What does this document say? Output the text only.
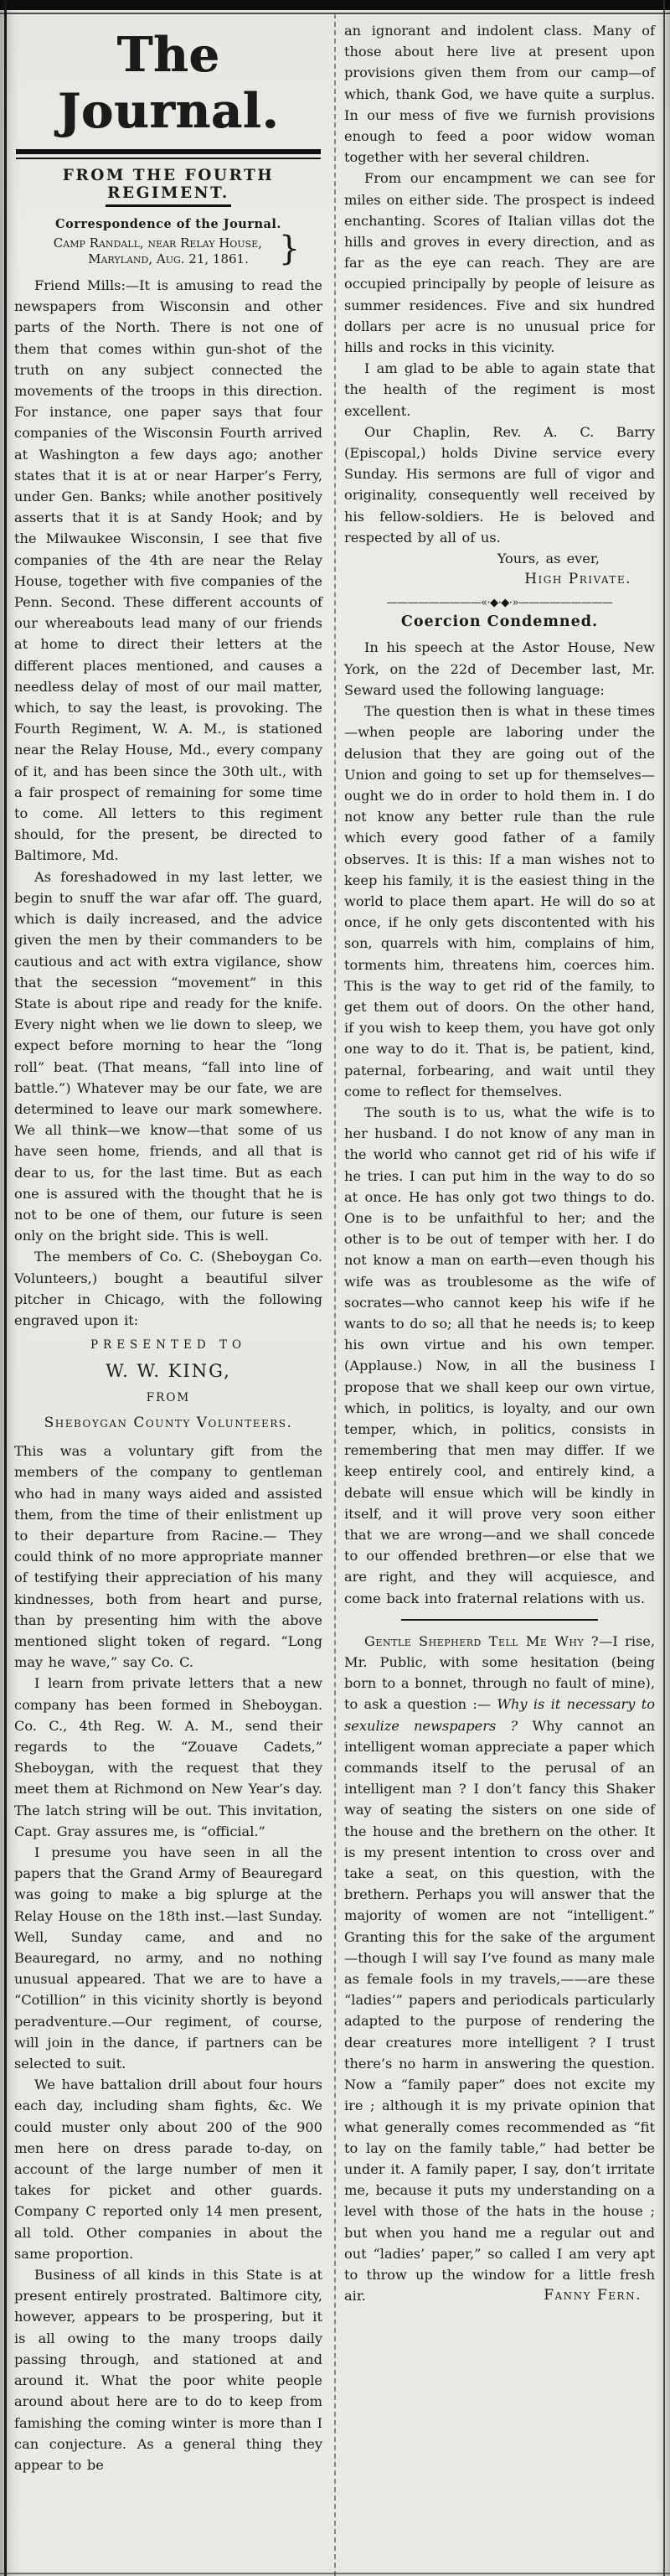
The Journal.
FROM THE FOURTH REGIMENT.
Correspondence of the Journal.
Camp Randall, near Relay House,
Maryland, Aug. 21, 1861. }

Friend Mills:—It is amusing to read the newspapers from Wisconsin and other parts of the North. There is not one of them that comes within gun-shot of the truth on any subject connected the movements of the troops in this direction. For instance, one paper says that four companies of the Wisconsin Fourth arrived at Washington a few days ago; another states that it is at or near Harper’s Ferry, under Gen. Banks; while another positively asserts that it is at Sandy Hook; and by the Milwaukee Wisconsin, I see that five companies of the 4th are near the Relay House, together with five companies of the Penn. Second. These different accounts of our whereabouts lead many of our friends at home to direct their letters at the different places mentioned, and causes a needless delay of most of our mail matter, which, to say the least, is provoking. The Fourth Regiment, W. A. M., is stationed near the Relay House, Md., every company of it, and has been since the 30th ult., with a fair prospect of remaining for some time to come. All letters to this regiment should, for the present, be directed to Baltimore, Md.

As foreshadowed in my last letter, we begin to snuff the war afar off. The guard, which is daily increased, and the advice given the men by their commanders to be cautious and act with extra vigilance, show that the secession “movement” in this State is about ripe and ready for the knife. Every night when we lie down to sleep, we expect before morning to hear the “long roll” beat. (That means, “fall into line of battle.”) Whatever may be our fate, we are determined to leave our mark somewhere. We all think—we know—that some of us have seen home, friends, and all that is dear to us, for the last time. But as each one is assured with the thought that he is not to be one of them, our future is seen only on the bright side. This is well.

The members of Co. C. (Sheboygan Co. Volunteers,) bought a beautiful silver pitcher in Chicago, with the following engraved upon it:

PRESENTED TO
W. W. KING,
FROM
Sheboygan County Volunteers.

This was a voluntary gift from the members of the company to gentleman who had in many ways aided and assisted them, from the time of their enlistment up to their departure from Racine.— They could think of no more appropriate manner of testifying their appreciation of his many kindnesses, both from heart and purse, than by presenting him with the above mentioned slight token of regard. “Long may he wave,” say Co. C.

I learn from private letters that a new company has been formed in Sheboygan. Co. C., 4th Reg. W. A. M., send their regards to the “Zouave Cadets,” Sheboygan, with the request that they meet them at Richmond on New Year’s day. The latch string will be out. This invitation, Capt. Gray assures me, is “official.”

I presume you have seen in all the papers that the Grand Army of Beauregard was going to make a big splurge at the Relay House on the 18th inst.—last Sunday. Well, Sunday came, and and no Beauregard, no army, and no nothing unusual appeared. That we are to have a “Cotillion” in this vicinity shortly is beyond peradventure.—Our regiment, of course, will join in the dance, if partners can be selected to suit.

We have battalion drill about four hours each day, including sham fights, &c. We could muster only about 200 of the 900 men here on dress parade to-day, on account of the large number of men it takes for picket and other guards. Company C reported only 14 men present, all told. Other companies in about the same proportion.

Business of all kinds in this State is at present entirely prostrated. Baltimore city, however, appears to be prospering, but it is all owing to the many troops daily passing through, and stationed at and around it. What the poor white people around about here are to do to keep from famishing the coming winter is more than I can conjecture. As a general thing they appear to be

an ignorant and indolent class. Many of those about here live at present upon provisions given them from our camp—of which, thank God, we have quite a surplus. In our mess of five we furnish provisions enough to feed a poor widow woman together with her several children.

From our encampment we can see for miles on either side. The prospect is indeed enchanting. Scores of Italian villas dot the hills and groves in every direction, and as far as the eye can reach. They are are occupied principally by people of leisure as summer residences. Five and six hundred dollars per acre is no unusual price for hills and rocks in this vicinity.

I am glad to be able to again state that the health of the regiment is most excellent.

Our Chaplin, Rev. A. C. Barry (Episcopal,) holds Divine service every Sunday. His sermons are full of vigor and originality, consequently well received by his fellow-soldiers. He is beloved and respected by all of us.

Yours, as ever,
High Private.
—————————«·◆·◆·»—————————
Coercion Condemned.

In his speech at the Astor House, New York, on the 22d of December last, Mr. Seward used the following language:

The question then is what in these times—when people are laboring under the delusion that they are going out of the Union and going to set up for themselves—ought we do in order to hold them in. I do not know any better rule than the rule which every good father of a family observes. It is this: If a man wishes not to keep his family, it is the easiest thing in the world to place them apart. He will do so at once, if he only gets discontented with his son, quarrels with him, complains of him, torments him, threatens him, coerces him. This is the way to get rid of the family, to get them out of doors. On the other hand, if you wish to keep them, you have got only one way to do it. That is, be patient, kind, paternal, forbearing, and wait until they come to reflect for themselves.

The south is to us, what the wife is to her husband. I do not know of any man in the world who cannot get rid of his wife if he tries. I can put him in the way to do so at once. He has only got two things to do. One is to be unfaithful to her; and the other is to be out of temper with her. I do not know a man on earth—even though his wife was as troublesome as the wife of socrates—who cannot keep his wife if he wants to do so; all that he needs is; to keep his own virtue and his own temper. (Applause.) Now, in all the business I propose that we shall keep our own virtue, which, in politics, is loyalty, and our own temper, which, in politics, consists in remembering that men may differ. If we keep entirely cool, and entirely kind, a debate will ensue which will be kindly in itself, and it will prove very soon either that we are wrong—and we shall concede to our offended brethren—or else that we are right, and they will acquiesce, and come back into fraternal relations with us.

Gentle Shepherd Tell Me Why ?—I rise, Mr. Public, with some hesitation (being born to a bonnet, through no fault of mine), to ask a question :— Why is it necessary to sexulize newspapers ? Why cannot an intelligent woman appreciate a paper which commands itself to the perusal of an intelligent man ? I don’t fancy this Shaker way of seating the sisters on one side of the house and the brethern on the other. It is my present intention to cross over and take a seat, on this question, with the brethern. Perhaps you will answer that the majority of women are not “intelligent.” Granting this for the sake of the argument—though I will say I’ve found as many male as female fools in my travels,——are these “ladies’” papers and periodicals particularly adapted to the purpose of rendering the dear creatures more intelligent ? I trust there’s no harm in answering the question. Now a “family paper” does not excite my ire ; although it is my private opinion that what generally comes recommended as “fit to lay on the family table,” had better be under it. A family paper, I say, don’t irritate me, because it puts my understanding on a level with those of the hats in the house ; but when you hand me a regular out and out “ladies’ paper,” so called I am very apt to throw up the window for a little fresh air.	Fanny Fern.
